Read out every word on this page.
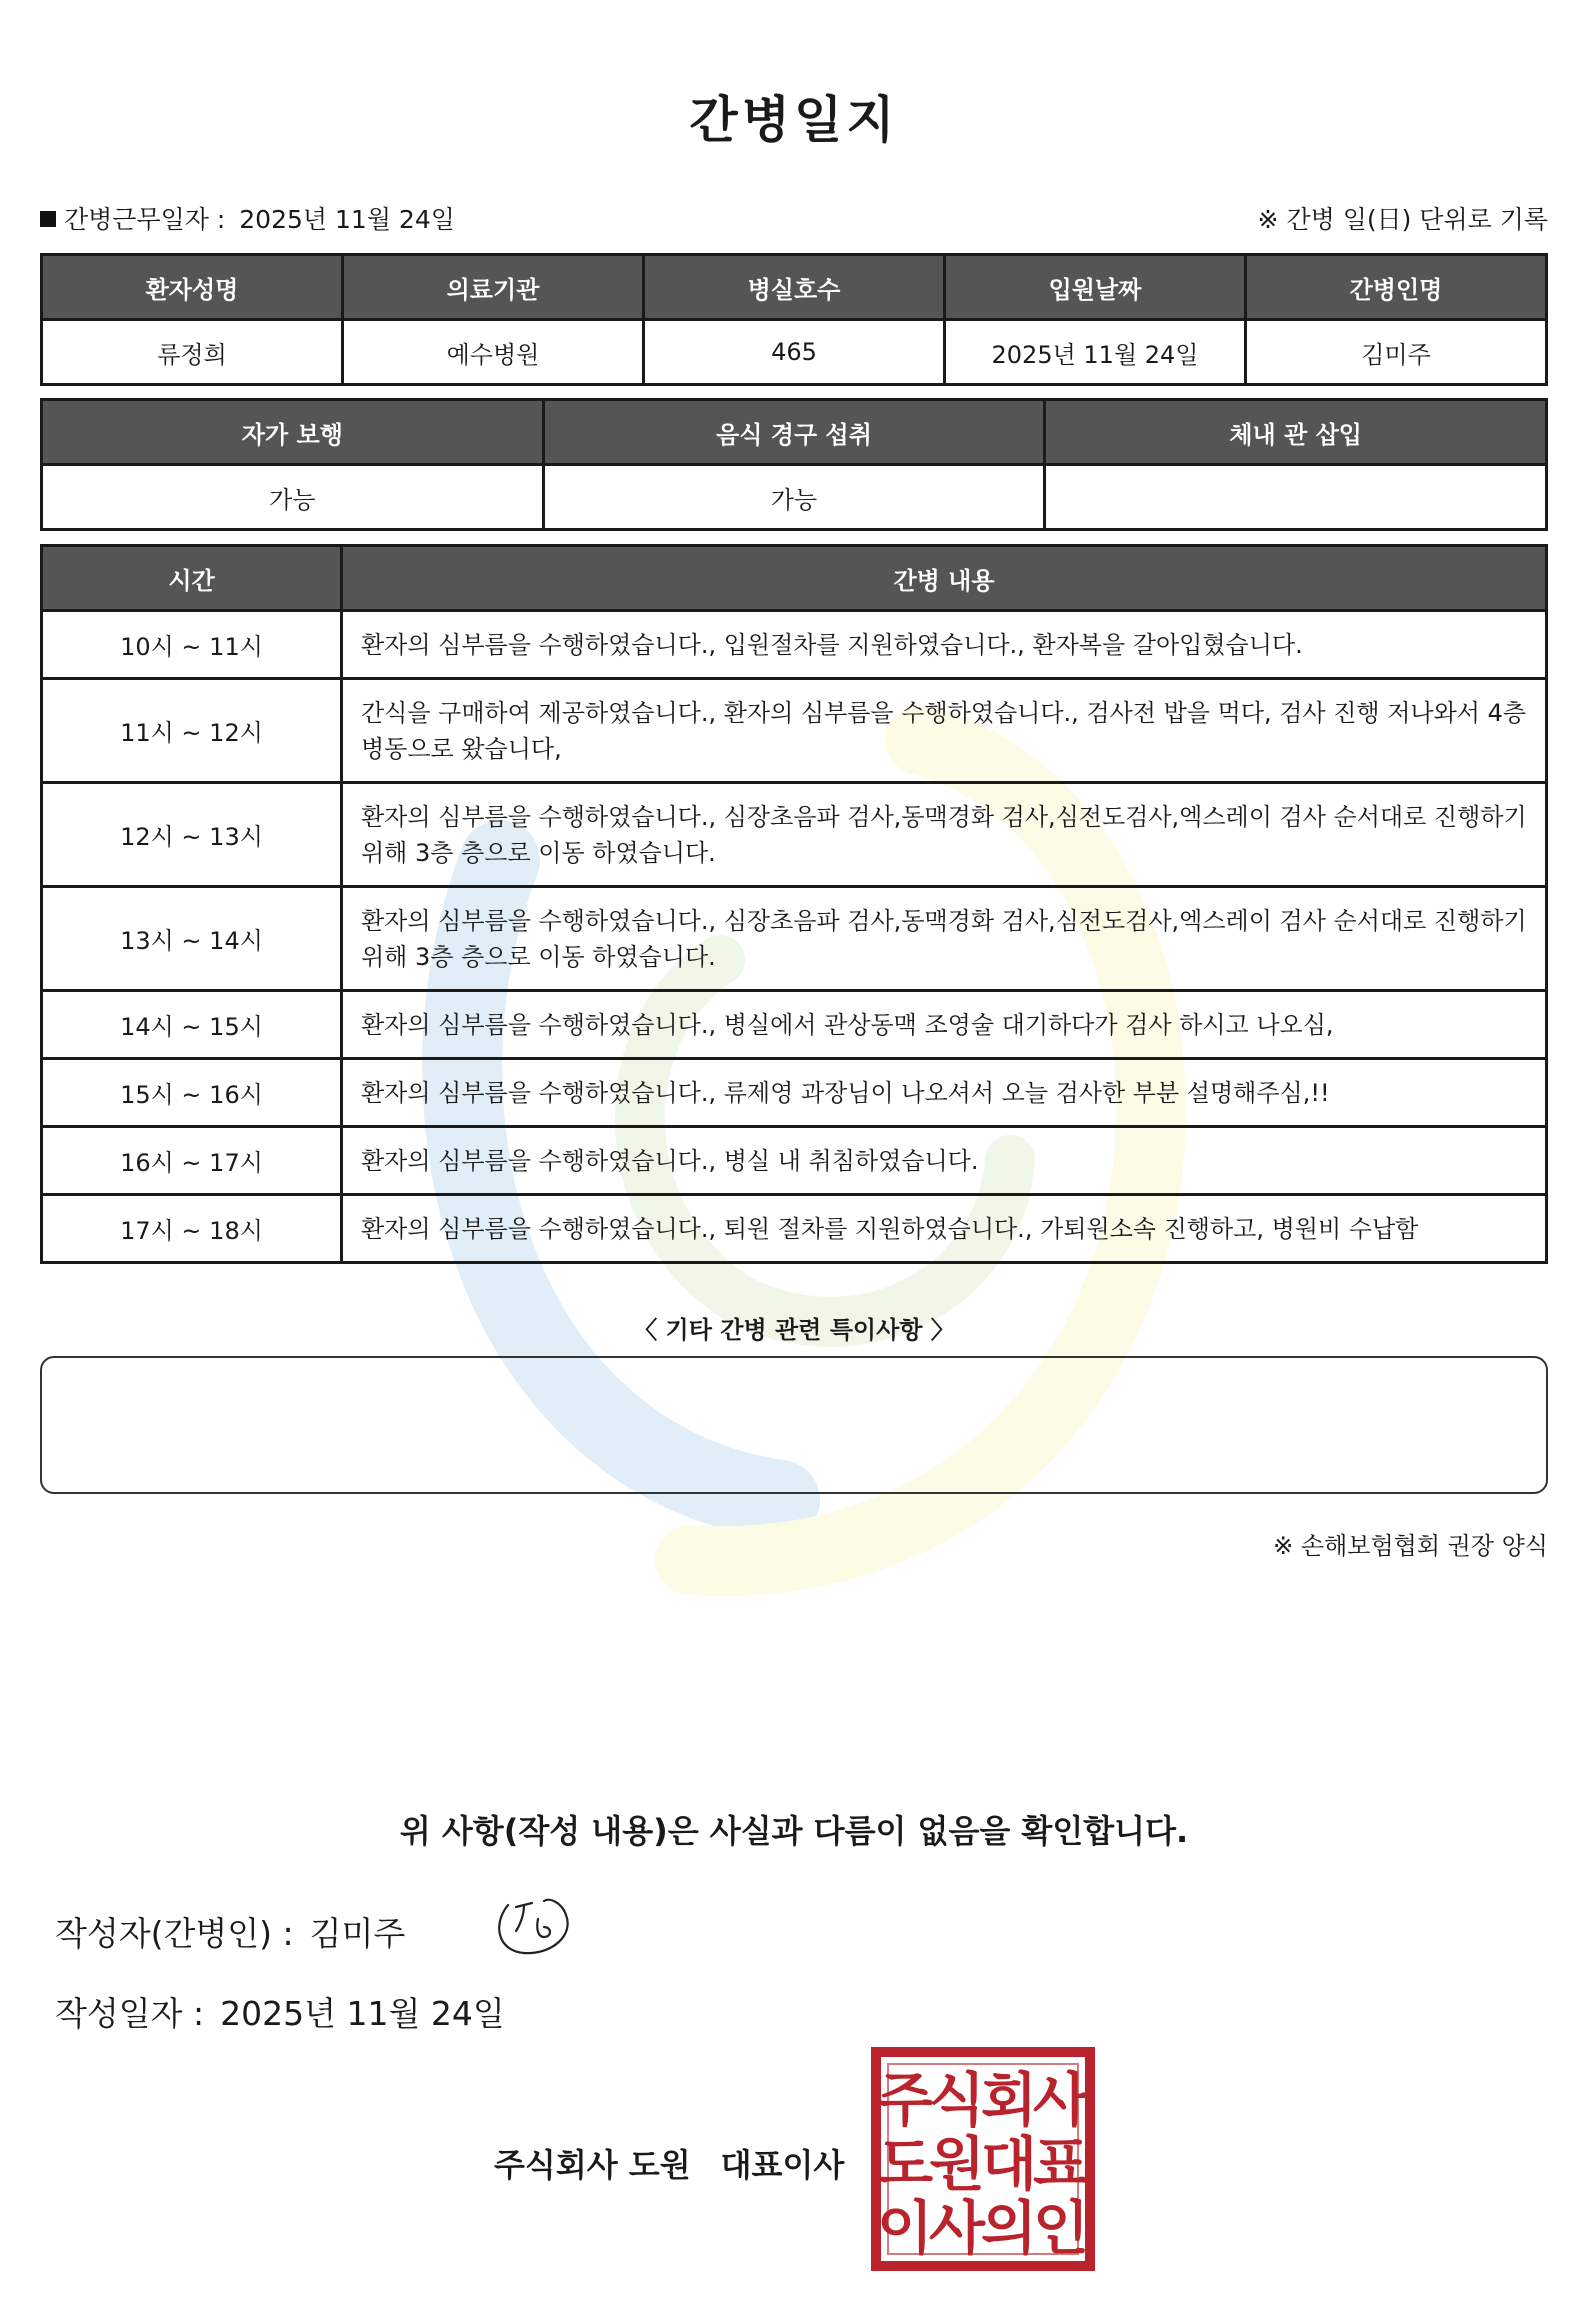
간병일지
간병근무일자 : 2025년 11월 24일	※ 간병 일(日) 단위로 기록
환자성명	의료기관	병실호수	입원날짜	간병인명
류정희	예수병원	465	2025년 11월 24일	김미주
자가 보행	음식 경구 섭취	체내 관 삽입
가능	가능	
시간	간병 내용
10시 ~ 11시	환자의 심부름을 수행하였습니다., 입원절차를 지원하였습니다., 환자복을 갈아입혔습니다.
11시 ~ 12시	간식을 구매하여 제공하였습니다., 환자의 심부름을 수행하였습니다., 검사전 밥을 먹다, 검사 진행 저나와서 4층 병동으로 왔습니다,
12시 ~ 13시	환자의 심부름을 수행하였습니다., 심장초음파 검사,동맥경화 검사,심전도검사,엑스레이 검사 순서대로 진행하기 위해 3층 층으로 이동 하였습니다.
13시 ~ 14시	환자의 심부름을 수행하였습니다., 심장초음파 검사,동맥경화 검사,심전도검사,엑스레이 검사 순서대로 진행하기 위해 3층 층으로 이동 하였습니다.
14시 ~ 15시	환자의 심부름을 수행하였습니다., 병실에서 관상동맥 조영술 대기하다가 검사 하시고 나오심,
15시 ~ 16시	환자의 심부름을 수행하였습니다., 류제영 과장님이 나오셔서 오늘 검사한 부분 설명해주심,!!
16시 ~ 17시	환자의 심부름을 수행하였습니다., 병실 내 취침하였습니다.
17시 ~ 18시	환자의 심부름을 수행하였습니다., 퇴원 절차를 지원하였습니다., 가퇴원소속 진행하고, 병원비 수납함
〈 기타 간병 관련 특이사항 〉
※ 손해보험협회 권장 양식
위 사항(작성 내용)은 사실과 다름이 없음을 확인합니다.
작성자(간병인) : 김미주
작성일자 : 2025년 11월 24일
주식회사 도원 대표이사
주
식
회
사
도
원
대
표
이
사
의
인
